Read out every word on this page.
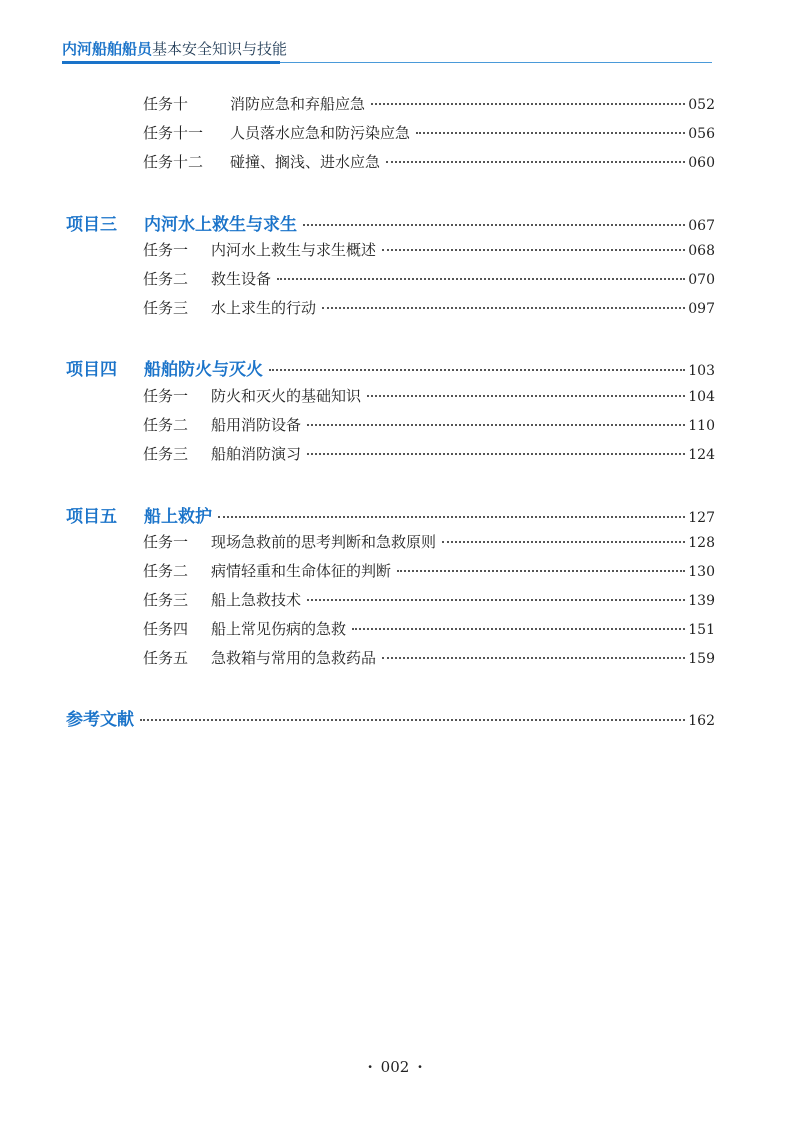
内河船舶船员基本安全知识与技能
任务十	消防应急和弃船应急	052
任务十一	人员落水应急和防污染应急	056
任务十二	碰撞、搁浅、进水应急	060
项目三	内河水上救生与求生	067
任务一	内河水上救生与求生概述	068
任务二	救生设备	070
任务三	水上求生的行动	097
项目四	船舶防火与灭火	103
任务一	防火和灭火的基础知识	104
任务二	船用消防设备	110
任务三	船舶消防演习	124
项目五	船上救护	127
任务一	现场急救前的思考判断和急救原则	128
任务二	病情轻重和生命体征的判断	130
任务三	船上急救技术	139
任务四	船上常见伤病的急救	151
任务五	急救箱与常用的急救药品	159
参考文献	162
· 002 ·
